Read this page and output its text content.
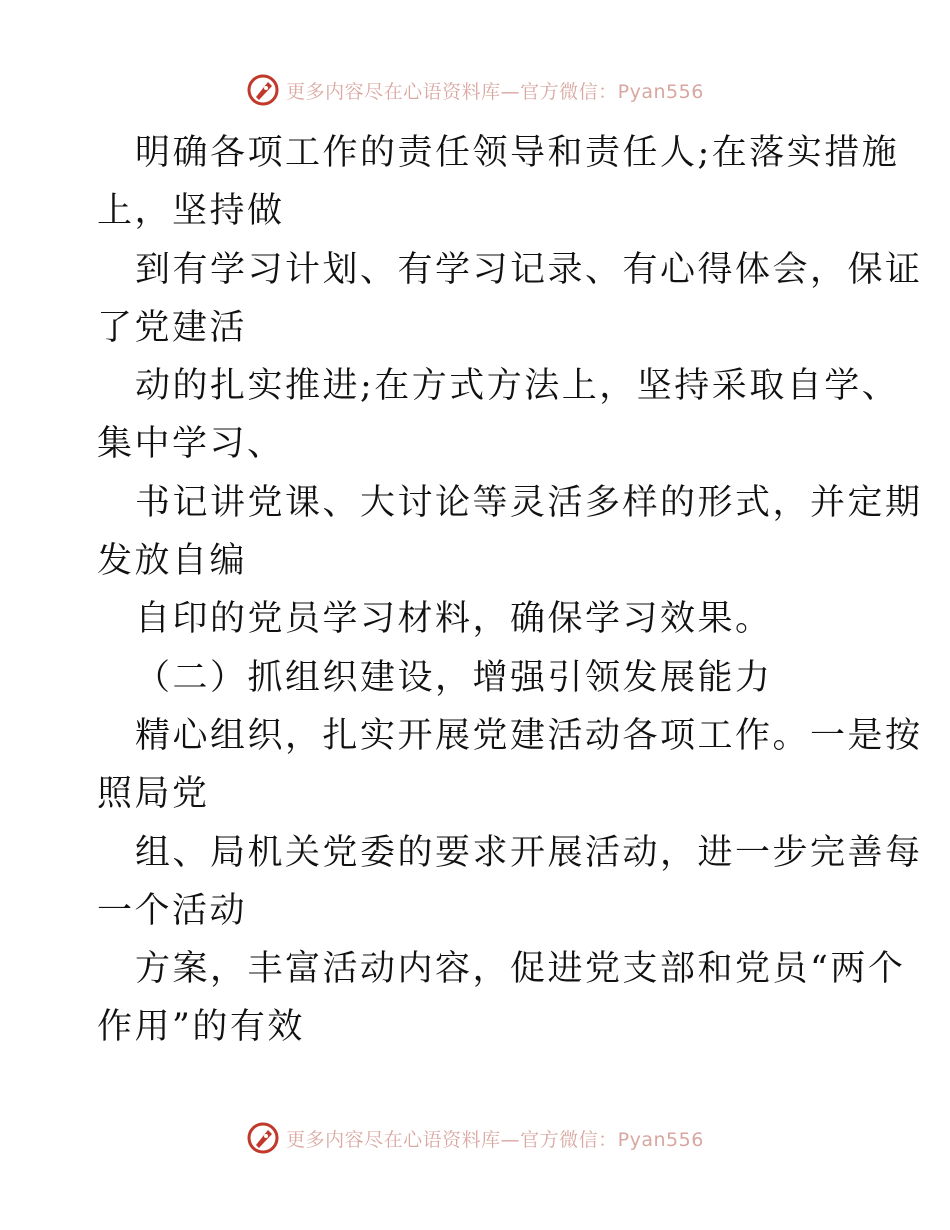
更多内容尽在心语资料库—官方微信：Pyan556
明确各项工作的责任领导和责任人;在落实措施
上，坚持做
到有学习计划、有学习记录、有心得体会，保证
了党建活
动的扎实推进;在方式方法上，坚持采取自学、
集中学习、
书记讲党课、大讨论等灵活多样的形式，并定期
发放自编
自印的党员学习材料，确保学习效果。
（二）抓组织建设，增强引领发展能力
精心组织，扎实开展党建活动各项工作。一是按
照局党
组、局机关党委的要求开展活动，进一步完善每
一个活动
方案，丰富活动内容，促进党支部和党员“两个
作用”的有效
更多内容尽在心语资料库—官方微信：Pyan556
